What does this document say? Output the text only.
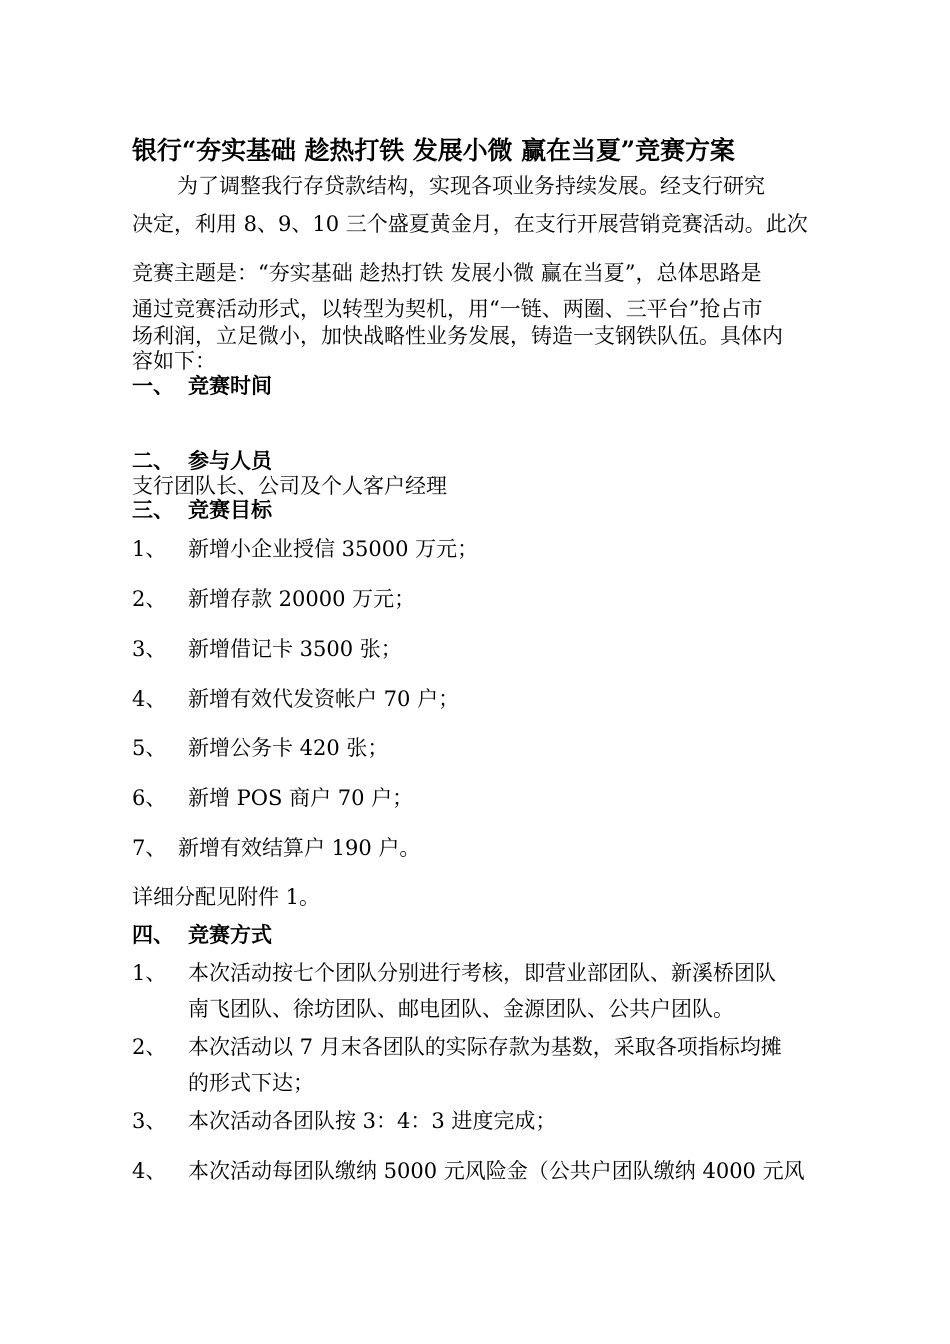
银行“夯实基础 趁热打铁 发展小微 赢在当夏”竞赛方案
为了调整我行存贷款结构，实现各项业务持续发展。经支行研究
决定，利用 8、9、10 三个盛夏黄金月，在支行开展营销竞赛活动。此次
竞赛主题是：“夯实基础 趁热打铁 发展小微 赢在当夏”，总体思路是
通过竞赛活动形式，以转型为契机，用“一链、两圈、三平台”抢占市
场利润，立足微小，加快战略性业务发展，铸造一支钢铁队伍。具体内
容如下：
一、 竞赛时间
二、 参与人员
支行团队长、公司及个人客户经理
三、 竞赛目标
1、 新增小企业授信 35000 万元；
2、 新增存款 20000 万元；
3、 新增借记卡 3500 张；
4、 新增有效代发资帐户 70 户；
5、 新增公务卡 420 张；
6、 新增 POS 商户 70 户；
7、 新增有效结算户 190 户。
详细分配见附件 1。
四、 竞赛方式
1、 本次活动按七个团队分别进行考核，即营业部团队、新溪桥团队
南飞团队、徐坊团队、邮电团队、金源团队、公共户团队。
2、 本次活动以 7 月末各团队的实际存款为基数，采取各项指标均摊
的形式下达；
3、 本次活动各团队按 3：4：3 进度完成；
4、 本次活动每团队缴纳 5000 元风险金（公共户团队缴纳 4000 元风
